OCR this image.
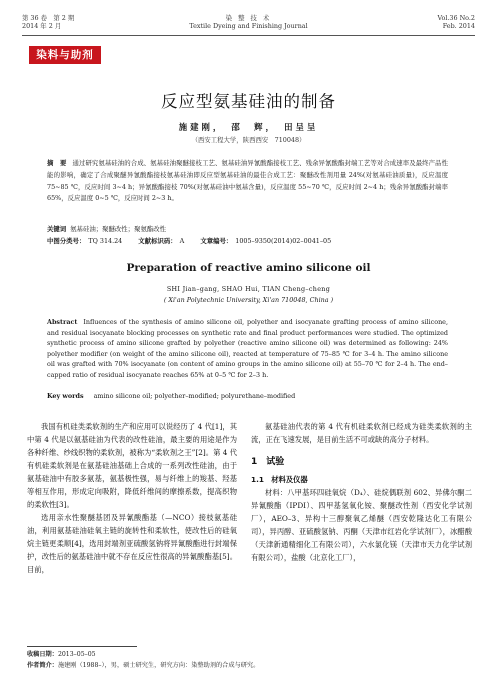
第 36 卷　第 2 期
2014 年 2 月
染 整 技 术
Textile Dyeing and Finishing Journal
Vol.36 No.2
Feb. 2014
染料与助剂
反应型氨基硅油的制备
施建刚，　邵　辉，　田呈呈
（西安工程大学，陕西西安　710048）
摘　要 通过研究氨基硅油的合成、氨基硅油聚醚接枝工艺、氨基硅油异氰酸酯接枝工艺、残余异氰酸酯封端工艺等对合成速率及最终产品性能的影响，确定了合成聚醚异氰酸酯接枝氨基硅油即反应型氨基硅油的最佳合成工艺：聚醚改性剂用量 24%(对氨基硅油质量)，反应温度 75~85 ℃，反应时间 3~4 h；异氰酸酯接枝 70%(对氨基硅油中氨基含量)，反应温度 55~70 ℃，反应时间 2~4 h；残余异氰酸酯封端率 65%，反应温度 0~5 ℃，反应时间 2~3 h。
关键词 氨基硅油；聚醚改性；聚氨酯改性
中图分类号： TQ 314.24	文献标识码： A	文章编号： 1005–9350(2014)02–0041–05
Preparation of reactive amino silicone oil
SHI Jian–gang, SHAO Hui, TIAN Cheng–cheng
( Xi'an Polytechnic University, Xi'an 710048, China )
Abstract Influences of the synthesis of amino silicone oil, polyether and isocyanate grafting process of amino silicone, and residual isocyanate blocking processes on synthetic rate and final product performances were studied. The optimized synthetic process of amino silicone grafted by polyether (reactive amino silicone oil) was determined as following: 24% polyether modifier (on weight of the amino silicone oil), reacted at temperature of 75–85 ℃ for 3–4 h. The amino silicone oil was grafted with 70% isocyanate (on content of amino groups in the amino silicone oil) at 55–70 ℃ for 2–4 h. The end–capped ratio of residual isocyanate reaches 65% at 0–5 ℃ for 2–3 h.
Key words amino silicone oil; polyether–modified; polyurethane–modified

我国有机硅类柔软剂的生产和应用可以说经历了 4 代[1]，其中第 4 代是以氨基硅油为代表的改性硅油，最主要的用途是作为各种纤维、纱线织物的柔软剂，被称为“柔软剂之王”[2]。第 4 代有机硅柔软剂是在氨基硅油基础上合成的一系列改性硅油，由于氨基硅油中有胶多氨基，氨基极性强，易与纤维上的羧基、羟基等相互作用，形成定向吸附，降低纤维间的摩擦系数，提高织物的柔软性[3]。

选用亲水性聚醚基团及异氰酸酯基（—NCO）接枝氨基硅油，利用氨基硅油硅氧主链的旋转性和柔软性，使改性后的硅氧烷主链更柔顺[4]，选用封端剂亚硫酸氢钠将异氰酸酯进行封端保护，改性后的氨基硅油中就不存在反应性很高的异氰酸酯基[5]。目前，

氨基硅油代表的第 4 代有机硅柔软剂已经成为硅类柔软剂的主流，正在飞速发展，是目前生活不可或缺的高分子材料。

1　试验
1.1　材料及仪器

材料：八甲基环四硅氧烷（D₄）、硅烷偶联剂 602、异佛尔酮二异氰酸酯（IPDI）、四甲基氢氧化铵、聚醚改性剂（西安化学试剂厂），AEO–3、异构十三醇聚氧乙烯醚（西安乾隆达化工有限公司），异丙醇、亚硫酸氢钠、丙酮（天津市红岩化学试剂厂），冰醋酸（天津新通精细化工有限公司），六水氯化镁（天津市天力化学试剂有限公司），盐酸（北京化工厂），

收稿日期：2013–05–05
作者简介：施建刚（1988–），男，硕士研究生，研究方向：染整助剂的合成与研究。
